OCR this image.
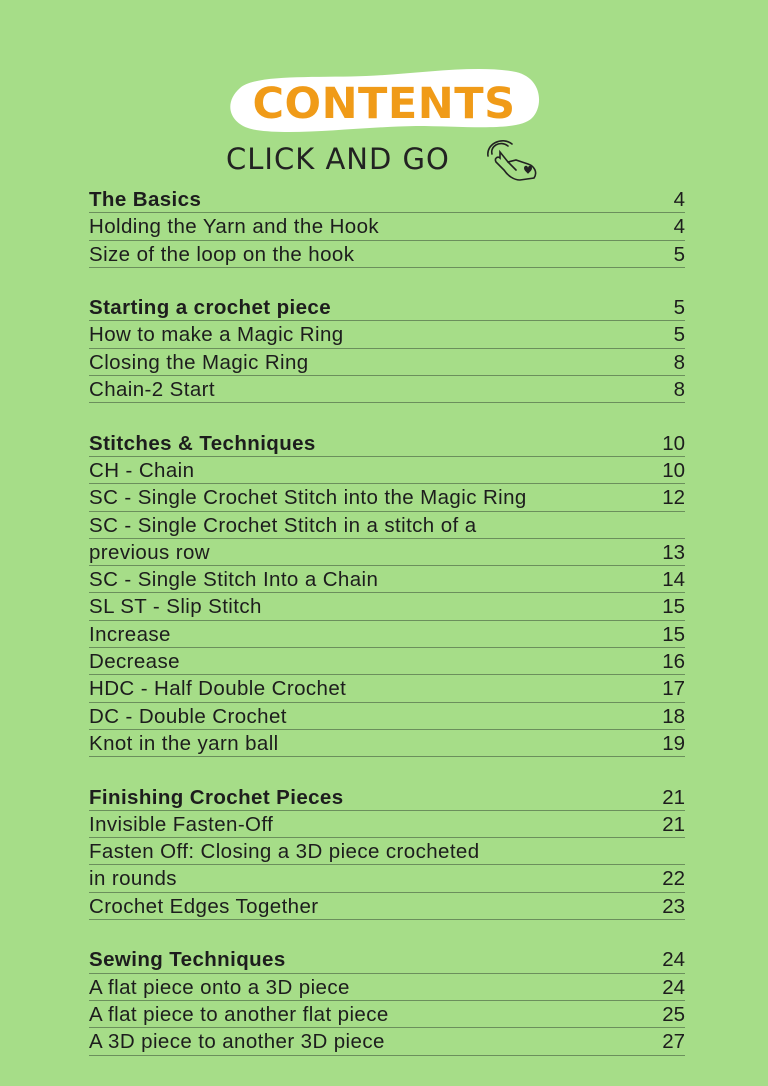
CONTENTS
CLICK AND GO
The Basics	4
Holding the Yarn and the Hook	4
Size of the loop on the hook	5
Starting a crochet piece	5
How to make a Magic Ring	5
Closing the Magic Ring	8
Chain-2 Start	8
Stitches & Techniques	10
CH - Chain	10
SC - Single Crochet Stitch into the Magic Ring	12
SC - Single Crochet Stitch in a stitch of a
previous row	13
SC - Single Stitch Into a Chain	14
SL ST - Slip Stitch	15
Increase	15
Decrease	16
HDC - Half Double Crochet	17
DC - Double Crochet	18
Knot in the yarn ball	19
Finishing Crochet Pieces	21
Invisible Fasten-Off	21
Fasten Off: Closing a 3D piece crocheted
in rounds	22
Crochet Edges Together	23
Sewing Techniques	24
A flat piece onto a 3D piece	24
A flat piece to another flat piece	25
A 3D piece to another 3D piece	27
